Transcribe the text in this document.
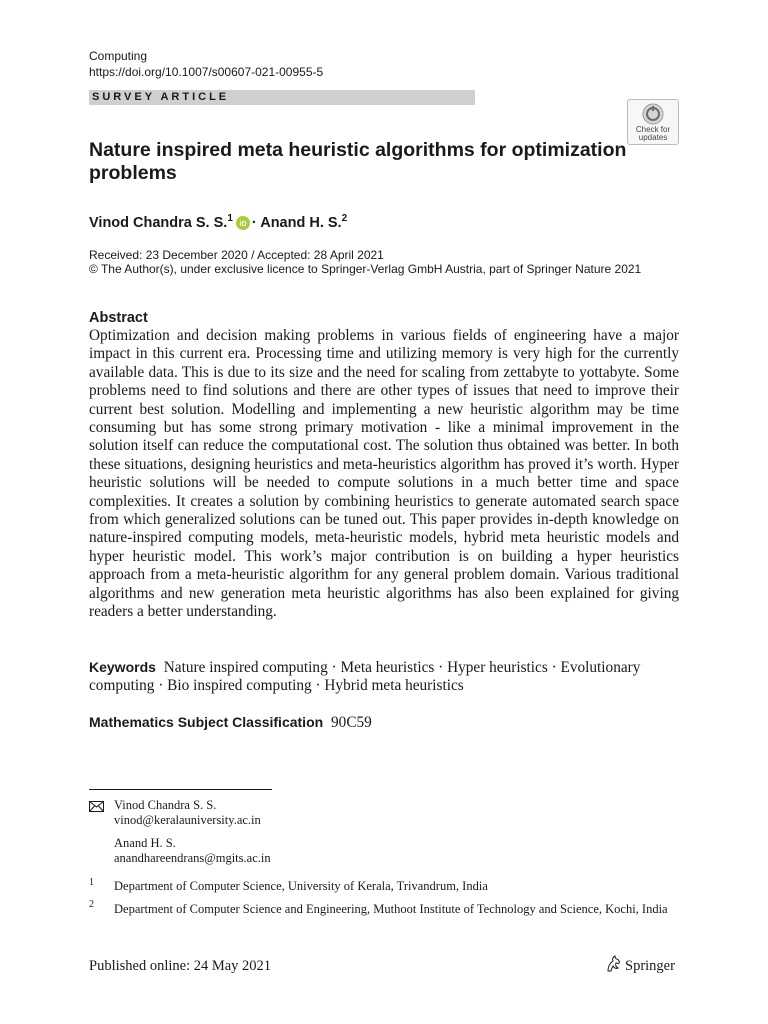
Computing
https://doi.org/10.1007/s00607-021-00955-5
SURVEY ARTICLE
Check for
updates
Nature inspired meta heuristic algorithms for optimization problems
Vinod Chandra S. S.$^1$
iD · Anand H. S.$^2$
Received: 23 December 2020 / Accepted: 28 April 2021
© The Author(s), under exclusive licence to Springer-Verlag GmbH Austria, part of Springer Nature 2021
Abstract
Optimization and decision making problems in various fields of engineering have a major impact in this current era. Processing time and utilizing memory is very high for the currently available data. This is due to its size and the need for scaling from zettabyte to yottabyte. Some problems need to find solutions and there are other types of issues that need to improve their current best solution. Modelling and implementing a new heuristic algorithm may be time consuming but has some strong primary motivation - like a minimal improvement in the solution itself can reduce the computational cost. The solution thus obtained was better. In both these situations, designing heuristics and meta-heuristics algorithm has proved it’s worth. Hyper heuristic solutions will be needed to compute solutions in a much better time and space complexities. It creates a solution by combining heuristics to generate automated search space from which generalized solutions can be tuned out. This paper provides in-depth knowledge on nature-inspired computing models, meta-heuristic models, hybrid meta heuristic models and hyper heuristic model. This work’s major contribution is on building a hyper heuristics approach from a meta-heuristic algorithm for any general problem domain. Various traditional algorithms and new generation meta heuristic algorithms has also been explained for giving readers a better understanding.
Keywords Nature inspired computing · Meta heuristics · Hyper heuristics · Evolutionary computing · Bio inspired computing · Hybrid meta heuristics
Mathematics Subject Classification 90C59
Vinod Chandra S. S.
vinod@keralauniversity.ac.in
Anand H. S.
anandhareendrans@mgits.ac.in
1 Department of Computer Science, University of Kerala, Trivandrum, India
2 Department of Computer Science and Engineering, Muthoot Institute of Technology and Science, Kochi, India
Published online: 24 May 2021	Springer
